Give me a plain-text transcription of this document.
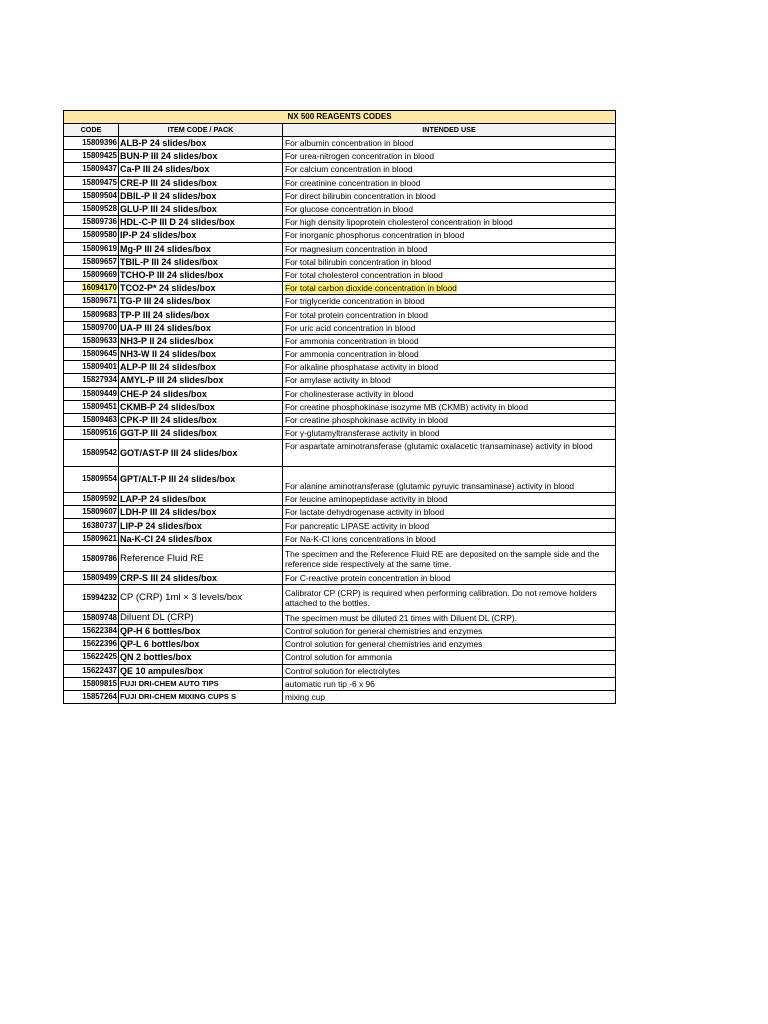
NX 500 REAGENTS CODES		
CODE	ITEM CODE / PACK	INTENDED USE
15809396	ALB-P 24 slides/box	For albumin concentration in blood
15809425	BUN-P III 24 slides/box	For urea-nitrogen concentration in blood
15809437	Ca-P III 24 slides/box	For calcium concentration in blood
15809475	CRE-P III 24 slides/box	For creatinine concentration in blood
15809504	DBIL-P II 24 slides/box	For direct bilirubin concentration in blood
15809528	GLU-P III 24 slides/box	For glucose concentration in blood
15809736	HDL-C-P III D 24 slides/box	For high density lipoprotein cholesterol concentration in blood
15809580	IP-P 24 slides/box	For inorganic phosphorus concentration in blood
15809619	Mg-P III 24 slides/box	For magnesium concentration in blood
15809657	TBIL-P III 24 slides/box	For total bilirubin concentration in blood
15809669	TCHO-P III 24 slides/box	For total cholesterol concentration in blood
16094170	TCO2-P* 24 slides/box	For total carbon dioxide concentration in blood
15809671	TG-P III 24 slides/box	For triglyceride concentration in blood
15809683	TP-P III 24 slides/box	For total protein concentration in blood
15809700	UA-P III 24 slides/box	For uric acid concentration in blood
15809633	NH3-P II 24 slides/box	For ammonia concentration in blood
15809645	NH3-W II 24 slides/box	For ammonia concentration in blood
15809401	ALP-P III 24 slides/box	For alkaline phosphatase activity in blood
15827934	AMYL-P III 24 slides/box	For amylase activity in blood
15809449	CHE-P 24 slides/box	For cholinesterase activity in blood
15809451	CKMB-P 24 slides/box	For creatine phosphokinase isozyme MB (CKMB) activity in blood
15809463	CPK-P III 24 slides/box	For creatine phosphokinase activity in blood
15809516	GGT-P III 24 slides/box	For γ-glutamyltransferase activity in blood
15809542	GOT/AST-P III 24 slides/box	For aspartate aminotransferase (glutamic oxalacetic transaminase) activity in blood
15809554	GPT/ALT-P III 24 slides/box	For alanine aminotransferase (glutamic pyruvic transaminase) activity in blood
15809592	LAP-P 24 slides/box	For leucine aminopeptidase activity in blood
15809607	LDH-P III 24 slides/box	For lactate dehydrogenase activity in blood
16380737	LIP-P 24 slides/box	For pancreatic LIPASE activity in blood
15809621	Na-K-Cl 24 slides/box	For Na-K-Cl ions concentrations in blood
15809786	Reference Fluid RE	The specimen and the Reference Fluid RE are deposited on the sample side and the reference side respectively at the same time.
15809499	CRP-S III 24 slides/box	For C-reactive protein concentration in blood
15994232	CP (CRP) 1ml × 3 levels/box	Calibrator CP (CRP) is required when performing calibration. Do not remove holders attached to the bottles.
15809748	Diluent DL (CRP)	The specimen must be diluted 21 times with Diluent DL (CRP).
15622384	QP-H 6 bottles/box	Control solution for general chemistries and enzymes
15622396	QP-L 6 bottles/box	Control solution for general chemistries and enzymes
15622425	QN 2 bottles/box	Control solution for ammonia
15622437	QE 10 ampules/box	Control solution for electrolytes
15809815	FUJI DRI-CHEM AUTO TIPS	automatic run tip -6 x 96
15857264	FUJI DRI-CHEM MIXING CUPS S	mixing cup
